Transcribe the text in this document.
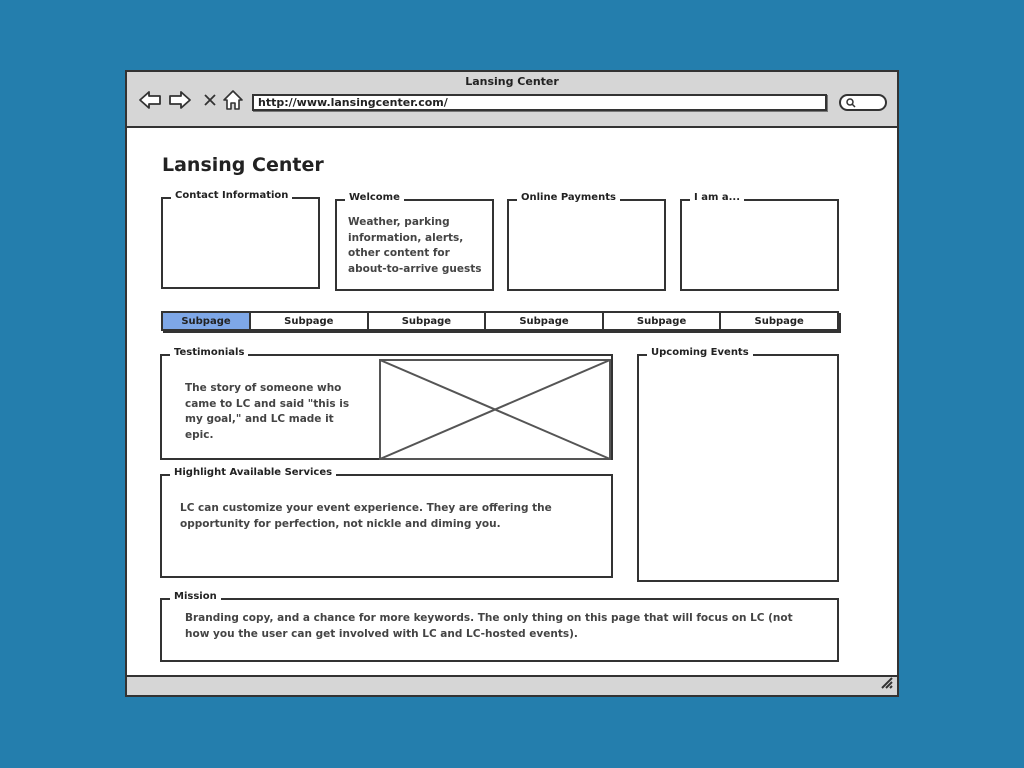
Lansing Center
http://www.lansingcenter.com/
Lansing Center
Contact Information	Welcome
Weather, parking information, alerts, other content for about-to-arrive guests
Online Payments	I am a...
Subpage	Subpage	Subpage	Subpage	Subpage	Subpage
Testimonials
The story of someone who came to LC and said "this is my goal," and LC made it epic.
Upcoming Events
Highlight Available Services
LC can customize your event experience. They are offering the opportunity for perfection, not nickle and diming you.
Mission
Branding copy, and a chance for more keywords. The only thing on this page that will focus on LC (not how you the user can get involved with LC and LC-hosted events).
